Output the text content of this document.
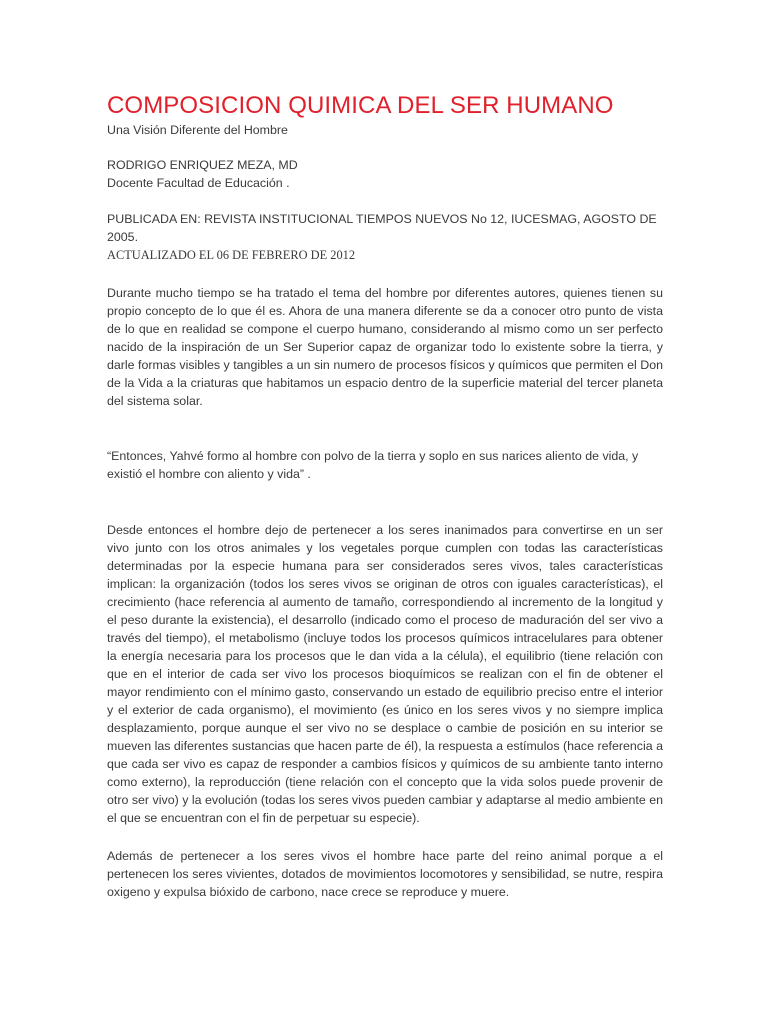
COMPOSICION QUIMICA DEL SER HUMANO

Una Visión Diferente del Hombre

RODRIGO ENRIQUEZ MEZA, MD

Docente Facultad de Educación .

PUBLICADA EN: REVISTA INSTITUCIONAL TIEMPOS NUEVOS No 12, IUCESMAG, AGOSTO DE 2005.

ACTUALIZADO EL 06 DE FEBRERO DE 2012

Durante mucho tiempo se ha tratado el tema del hombre por diferentes autores, quienes tienen su propio concepto de lo que él es. Ahora de una manera diferente se da a conocer otro punto de vista de lo que en realidad se compone el cuerpo humano, considerando al mismo como un ser perfecto nacido de la inspiración de un Ser Superior capaz de organizar todo lo existente sobre la tierra, y darle formas visibles y tangibles a un sin numero de procesos físicos y químicos que permiten el Don de la Vida a la criaturas que habitamos un espacio dentro de la superficie material del tercer planeta del sistema solar.

“Entonces, Yahvé formo al hombre con polvo de la tierra y soplo en sus narices aliento de vida, y existió el hombre con aliento y vida” .

Desde entonces el hombre dejo de pertenecer a los seres inanimados para convertirse en un ser vivo junto con los otros animales y los vegetales porque cumplen con todas las características determinadas por la especie humana para ser considerados seres vivos, tales características implican: la organización (todos los seres vivos se originan de otros con iguales características), el crecimiento (hace referencia al aumento de tamaño, correspondiendo al incremento de la longitud y el peso durante la existencia), el desarrollo (indicado como el proceso de maduración del ser vivo a través del tiempo), el metabolismo (incluye todos los procesos químicos intracelulares para obtener la energía necesaria para los procesos que le dan vida a la célula), el equilibrio (tiene relación con que en el interior de cada ser vivo los procesos bioquímicos se realizan con el fin de obtener el mayor rendimiento con el mínimo gasto, conservando un estado de equilibrio preciso entre el interior y el exterior de cada organismo), el movimiento (es único en los seres vivos y no siempre implica desplazamiento, porque aunque el ser vivo no se desplace o cambie de posición en su interior se mueven las diferentes sustancias que hacen parte de él), la respuesta a estímulos (hace referencia a que cada ser vivo es capaz de responder a cambios físicos y químicos de su ambiente tanto interno como externo), la reproducción (tiene relación con el concepto que la vida solos puede provenir de otro ser vivo) y la evolución (todas los seres vivos pueden cambiar y adaptarse al medio ambiente en el que se encuentran con el fin de perpetuar su especie).

Además de pertenecer a los seres vivos el hombre hace parte del reino animal porque a el pertenecen los seres vivientes, dotados de movimientos locomotores y sensibilidad, se nutre, respira oxigeno y expulsa bióxido de carbono, nace crece se reproduce y muere.
